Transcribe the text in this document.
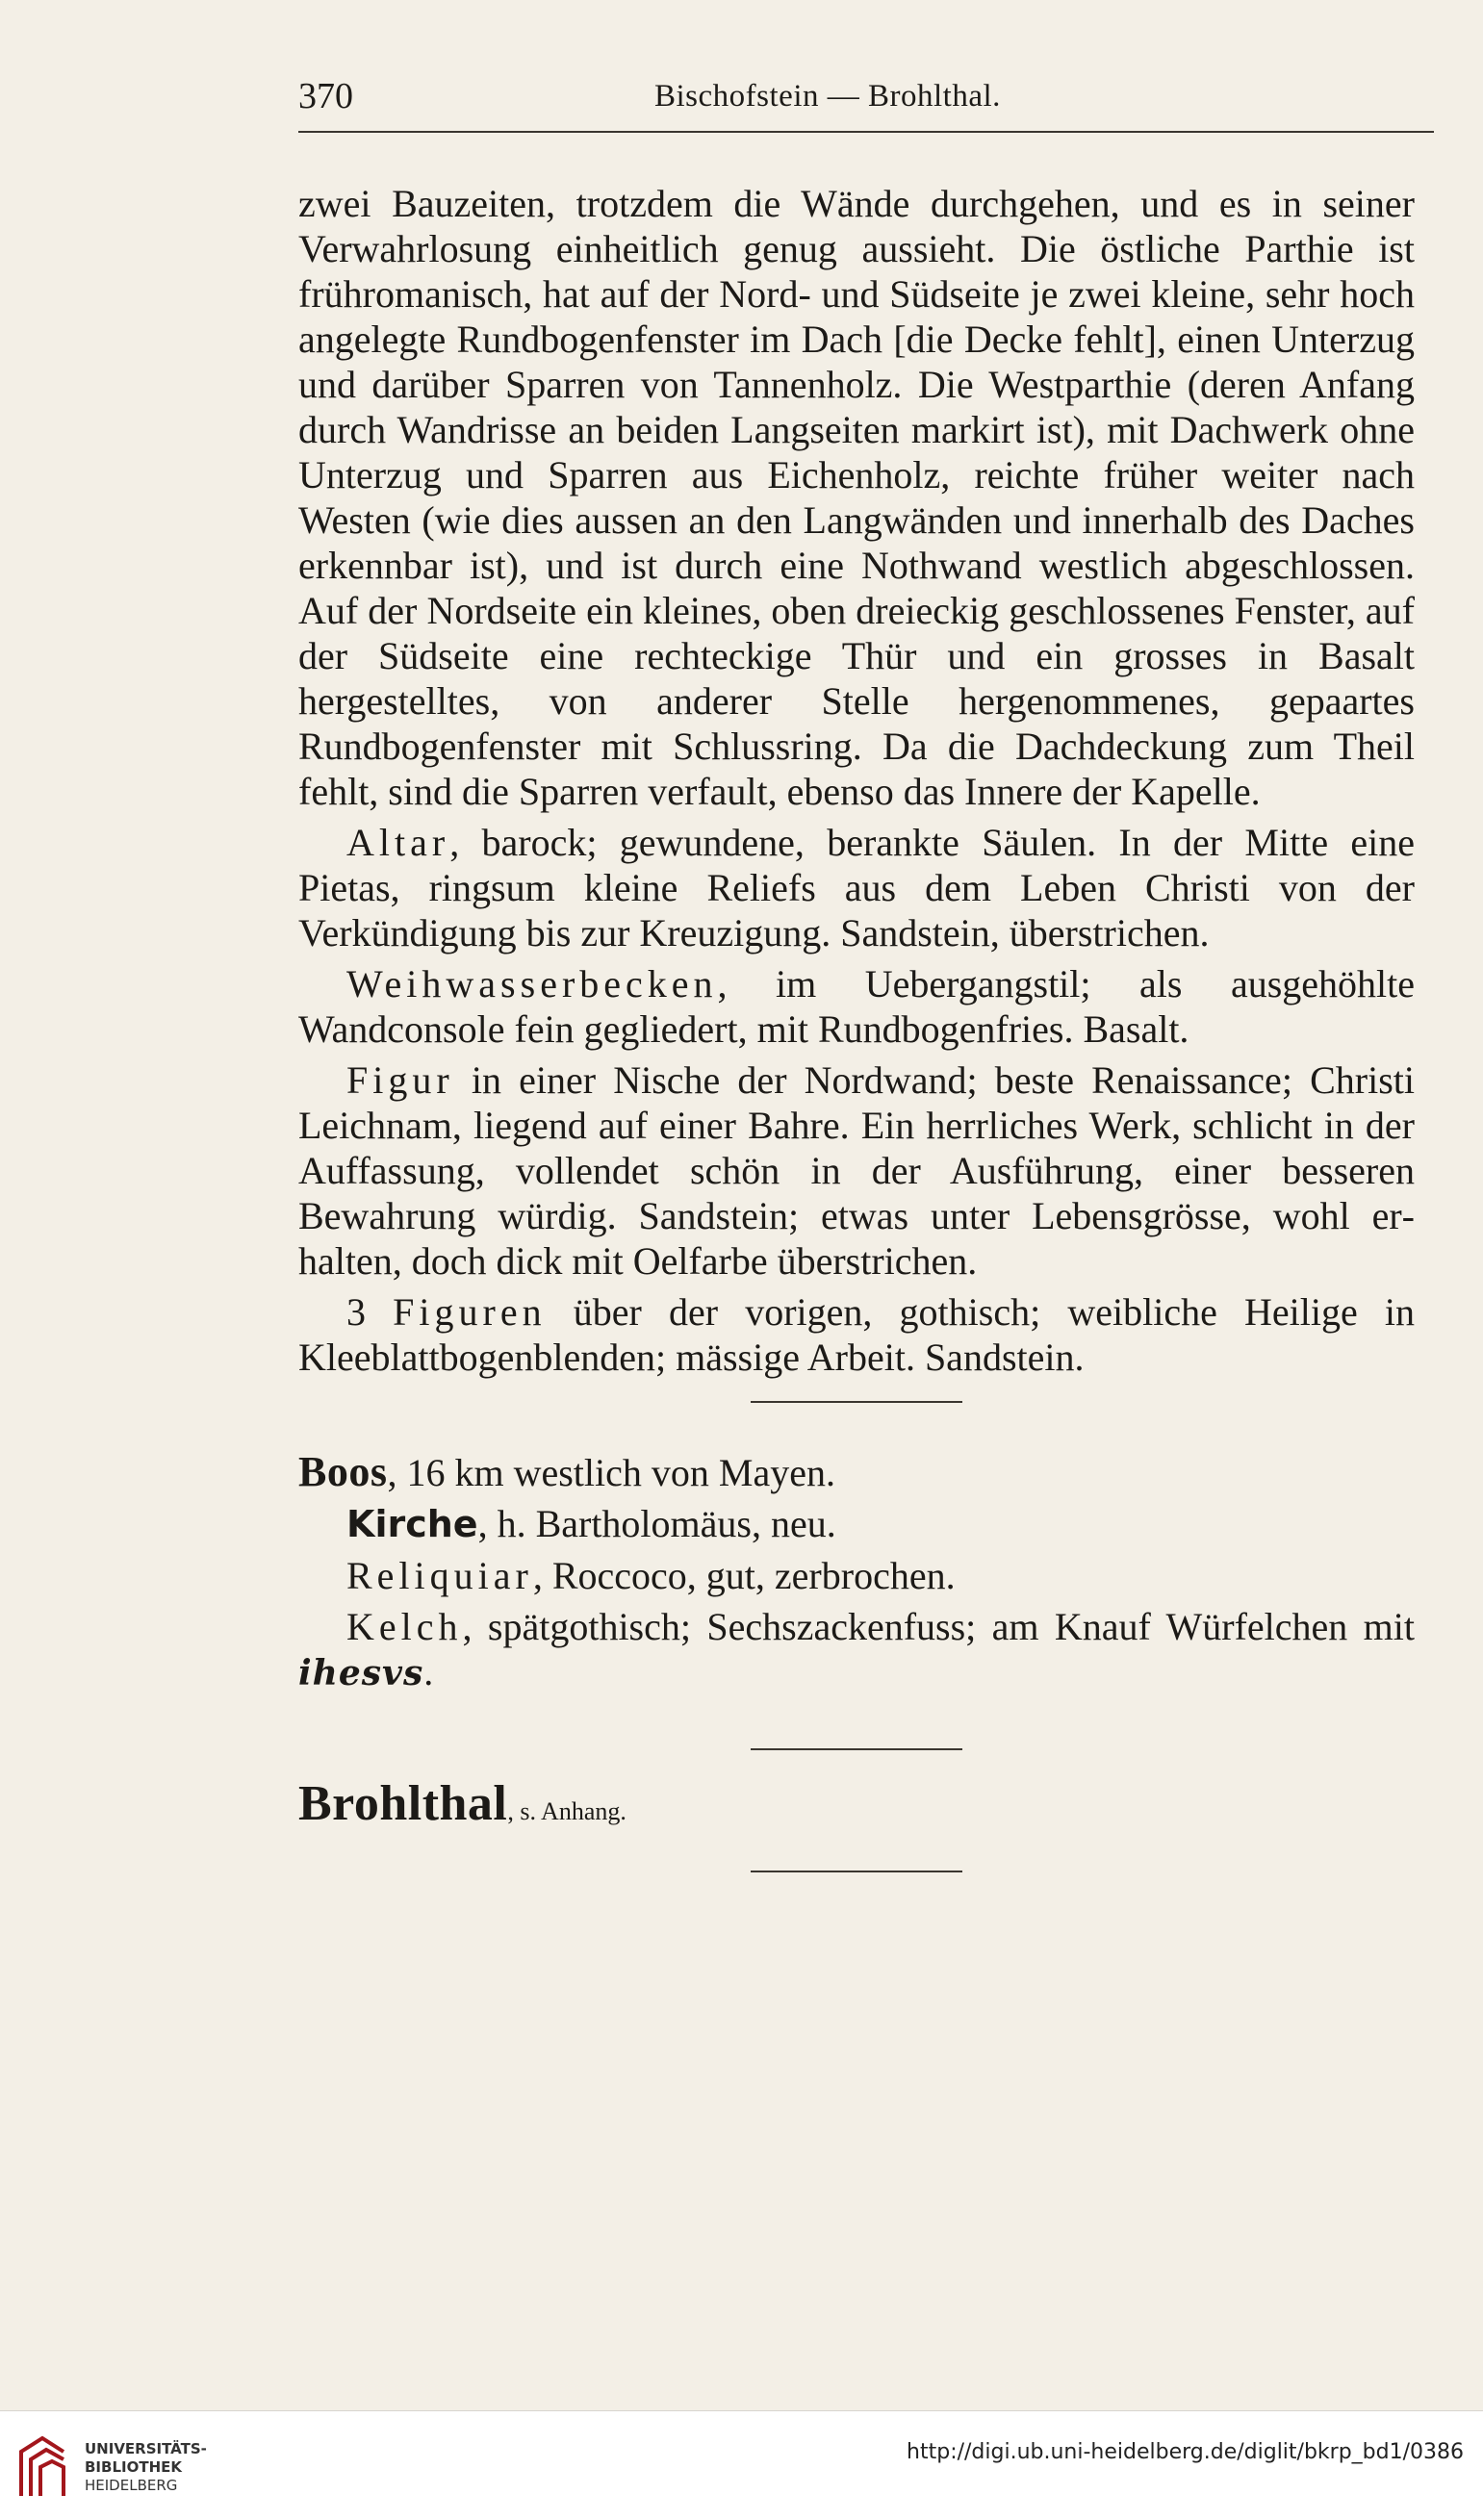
370	Bischofstein — Brohlthal.

zwei Bauzeiten, trotzdem die Wände durchgehen, und es in seiner Verwahrlosung einheitlich genug aussieht. Die östliche Parthie ist frühromanisch, hat auf der Nord- und Südseite je zwei kleine, sehr hoch angelegte Rundbogenfenster im Dach [die Decke fehlt], einen Unterzug und darüber Sparren von Tannenholz. Die Westparthie (deren Anfang durch Wandrisse an beiden Langseiten markirt ist), mit Dachwerk ohne Unterzug und Sparren aus Eichenholz, reichte früher weiter nach Westen (wie dies aussen an den Langwänden und innerhalb des Daches erkennbar ist), und ist durch eine Nothwand westlich abgeschlossen. Auf der Nordseite ein kleines, oben dreieckig geschlossenes Fenster, auf der Südseite eine rechteckige Thür und ein grosses in Basalt hergestelltes, von anderer Stelle hergenommenes, gepaartes Rundbogenfenster mit Schlussring. Da die Dachdeckung zum Theil fehlt, sind die Sparren verfault, ebenso das Innere der Kapelle.

Altar, barock; gewundene, berankte Säulen. In der Mitte eine Pietas, ringsum kleine Reliefs aus dem Leben Christi von der Verkündigung bis zur Kreuzigung. Sandstein, überstrichen.

Weihwasserbecken, im Uebergangstil; als ausgehöhlte Wandconsole fein gegliedert, mit Rundbogenfries. Basalt.

Figur in einer Nische der Nordwand; beste Renaissance; Christi Leichnam, liegend auf einer Bahre. Ein herrliches Werk, schlicht in der Auffassung, vollendet schön in der Ausführung, einer besseren Bewahrung würdig. Sandstein; etwas unter Lebensgrösse, wohl erhalten, doch dick mit Oelfarbe überstrichen.

3 Figuren über der vorigen, gothisch; weibliche Heilige in Kleeblattbogenblenden; mässige Arbeit. Sandstein.

Boos, 16 km westlich von Mayen.

Kirche, h. Bartholomäus, neu.

Reliquiar, Roccoco, gut, zerbrochen.

Kelch, spätgothisch; Sechszackenfuss; am Knauf Würfelchen mit ihesvs.

Brohlthal, s. Anhang.

UNIVERSITÄTS-
BIBLIOTHEK
HEIDELBERG
http://digi.ub.uni-heidelberg.de/diglit/bkrp_bd1/0386
